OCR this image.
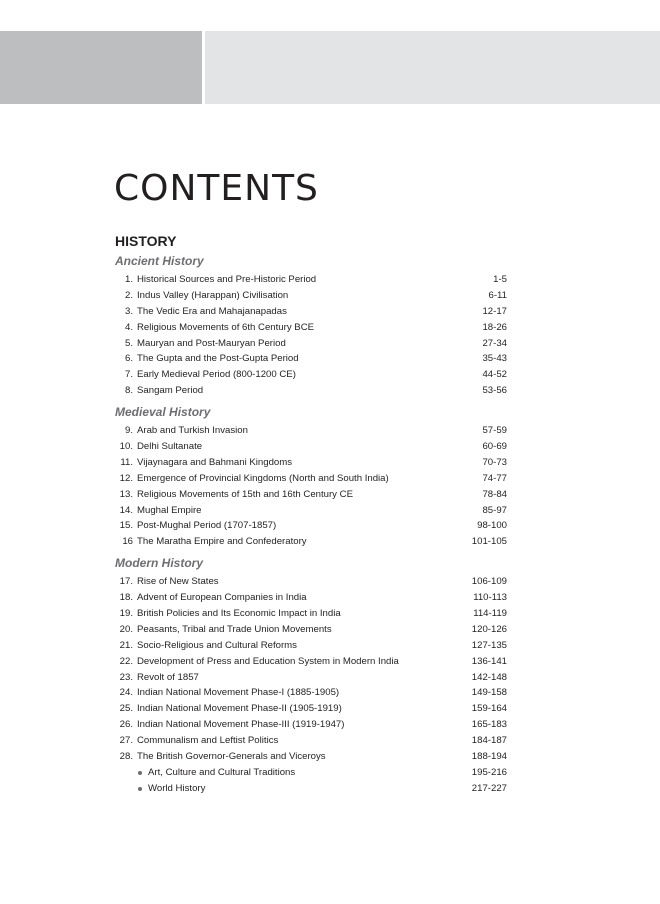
CONTENTS
HISTORY
Ancient History
1. Historical Sources and Pre-Historic Period	1-5
2. Indus Valley (Harappan) Civilisation	6-11
3. The Vedic Era and Mahajanapadas	12-17
4. Religious Movements of 6th Century BCE	18-26
5. Mauryan and Post-Mauryan Period	27-34
6. The Gupta and the Post-Gupta Period	35-43
7. Early Medieval Period (800-1200 CE)	44-52
8. Sangam Period	53-56
Medieval History
9. Arab and Turkish Invasion	57-59
10. Delhi Sultanate	60-69
11. Vijaynagara and Bahmani Kingdoms	70-73
12. Emergence of Provincial Kingdoms (North and South India)	74-77
13. Religious Movements of 15th and 16th Century CE	78-84
14. Mughal Empire	85-97
15. Post-Mughal Period (1707-1857)	98-100
16 The Maratha Empire and Confederatory	101-105
Modern History
17. Rise of New States	106-109
18. Advent of European Companies in India	110-113
19. British Policies and Its Economic Impact in India	114-119
20. Peasants, Tribal and Trade Union Movements	120-126
21. Socio-Religious and Cultural Reforms	127-135
22. Development of Press and Education System in Modern India	136-141
23. Revolt of 1857	142-148
24. Indian National Movement Phase-I (1885-1905)	149-158
25. Indian National Movement Phase-II (1905-1919)	159-164
26. Indian National Movement Phase-III (1919-1947)	165-183
27. Communalism and Leftist Politics	184-187
28. The British Governor-Generals and Viceroys	188-194
Art, Culture and Cultural Traditions	195-216
World History	217-227
